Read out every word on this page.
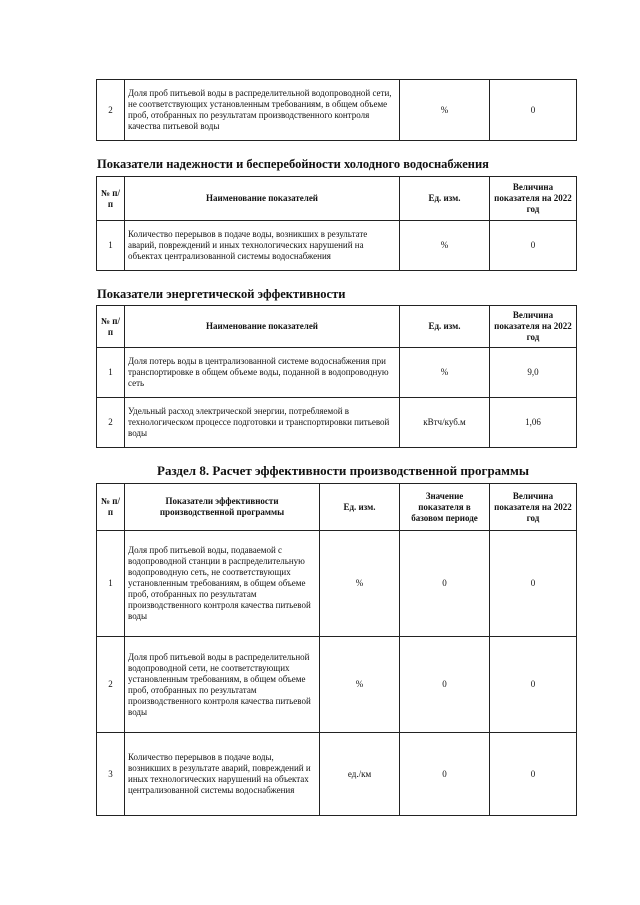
2	Доля проб питьевой воды в распределительной водопроводной сети, не соответствующих установленным требованиям, в общем объеме проб, отобранных по результатам производственного контроля качества питьевой воды	%	0
Показатели надежности и бесперебойности холодного водоснабжения
№ п/п	Наименование показателей	Ед. изм.	Величина показателя на 2022 год
1	Количество перерывов в подаче воды, возникших в результате аварий, повреждений и иных технологических нарушений на объектах централизованной системы водоснабжения	%	0
Показатели энергетической эффективности
№ п/п	Наименование показателей	Ед. изм.	Величина показателя на 2022 год
1	Доля потерь воды в централизованной системе водоснабжения при транспортировке в общем объеме воды, поданной в водопроводную сеть	%	9,0
2	Удельный расход электрической энергии, потребляемой в технологическом процессе подготовки и транспортировки питьевой воды	кВтч/куб.м	1,06
Раздел 8. Расчет эффективности производственной программы
№ п/п	Показатели эффективности производственной программы	Ед. изм.	Значение показателя в базовом периоде	Величина показателя на 2022 год
1	Доля проб питьевой воды, подаваемой с водопроводной станции в распределительную водопроводную сеть, не соответствующих установленным требованиям, в общем объеме проб, отобранных по результатам производственного контроля качества питьевой воды	%	0	0
2	Доля проб питьевой воды в распределительной водопроводной сети, не соответствующих установленным требованиям, в общем объеме проб, отобранных по результатам производственного контроля качества питьевой воды	%	0	0
3	Количество перерывов в подаче воды, возникших в результате аварий, повреждений и иных технологических нарушений на объектах централизованной системы водоснабжения	ед./км	0	0
